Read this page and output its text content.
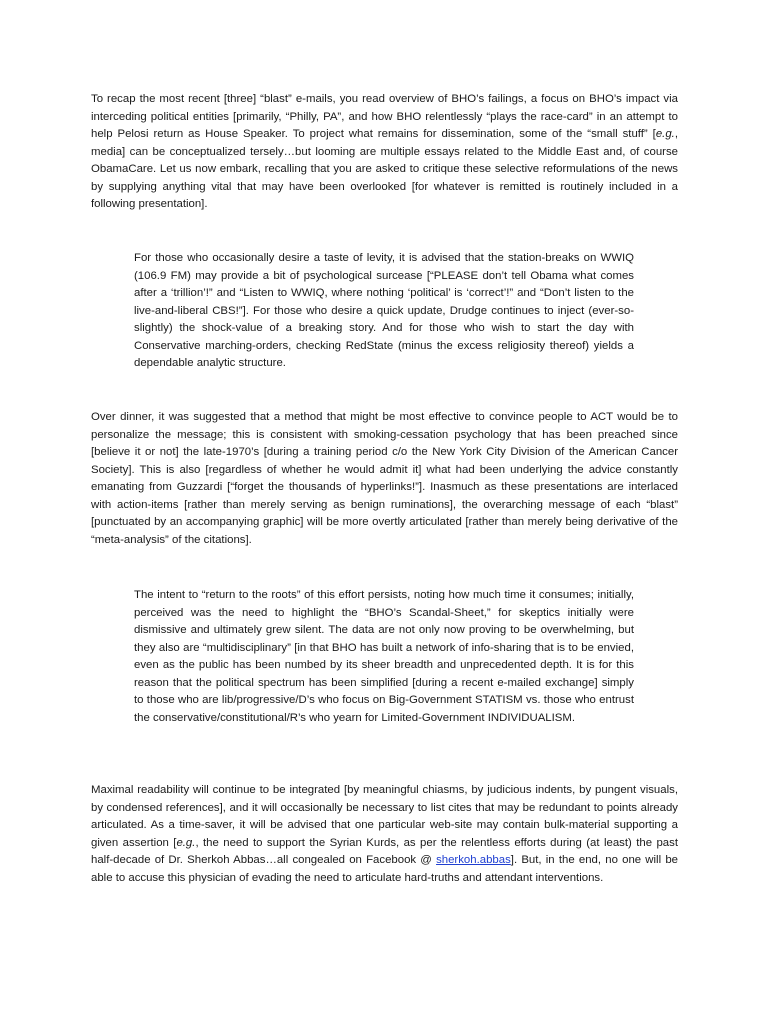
To recap the most recent [three] “blast” e-mails, you read overview of BHO’s failings, a focus on BHO’s impact via interceding political entities [primarily, “Philly, PA”, and how BHO relentlessly “plays the race-card” in an attempt to help Pelosi return as House Speaker. To project what remains for dissemination, some of the “small stuff” [e.g., media] can be conceptualized tersely…but looming are multiple essays related to the Middle East and, of course ObamaCare. Let us now embark, recalling that you are asked to critique these selective reformulations of the news by supplying anything vital that may have been overlooked [for whatever is remitted is routinely included in a following presentation].

For those who occasionally desire a taste of levity, it is advised that the station-breaks on WWIQ (106.9 FM) may provide a bit of psychological surcease [“PLEASE don’t tell Obama what comes after a ‘trillion’!” and “Listen to WWIQ, where nothing ‘political’ is ‘correct’!” and “Don’t listen to the live-and-liberal CBS!”]. For those who desire a quick update, Drudge continues to inject (ever-so-slightly) the shock-value of a breaking story. And for those who wish to start the day with Conservative marching-orders, checking RedState (minus the excess religiosity thereof) yields a dependable analytic structure.

Over dinner, it was suggested that a method that might be most effective to convince people to ACT would be to personalize the message; this is consistent with smoking-cessation psychology that has been preached since [believe it or not] the late-1970’s [during a training period c/o the New York City Division of the American Cancer Society]. This is also [regardless of whether he would admit it] what had been underlying the advice constantly emanating from Guzzardi [“forget the thousands of hyperlinks!”]. Inasmuch as these presentations are interlaced with action-items [rather than merely serving as benign ruminations], the overarching message of each “blast” [punctuated by an accompanying graphic] will be more overtly articulated [rather than merely being derivative of the “meta-analysis” of the citations].

The intent to “return to the roots” of this effort persists, noting how much time it consumes; initially, perceived was the need to highlight the “BHO’s Scandal-Sheet,” for skeptics initially were dismissive and ultimately grew silent. The data are not only now proving to be overwhelming, but they also are “multidisciplinary” [in that BHO has built a network of info-sharing that is to be envied, even as the public has been numbed by its sheer breadth and unprecedented depth. It is for this reason that the political spectrum has been simplified [during a recent e-mailed exchange] simply to those who are lib/progressive/D’s who focus on Big-Government STATISM vs. those who entrust the conservative/constitutional/R’s who yearn for Limited-Government INDIVIDUALISM.

Maximal readability will continue to be integrated [by meaningful chiasms, by judicious indents, by pungent visuals, by condensed references], and it will occasionally be necessary to list cites that may be redundant to points already articulated. As a time-saver, it will be advised that one particular web-site may contain bulk-material supporting a given assertion [e.g., the need to support the Syrian Kurds, as per the relentless efforts during (at least) the past half-decade of Dr. Sherkoh Abbas…all congealed on Facebook @ sherkoh.abbas]. But, in the end, no one will be able to accuse this physician of evading the need to articulate hard-truths and attendant interventions.
